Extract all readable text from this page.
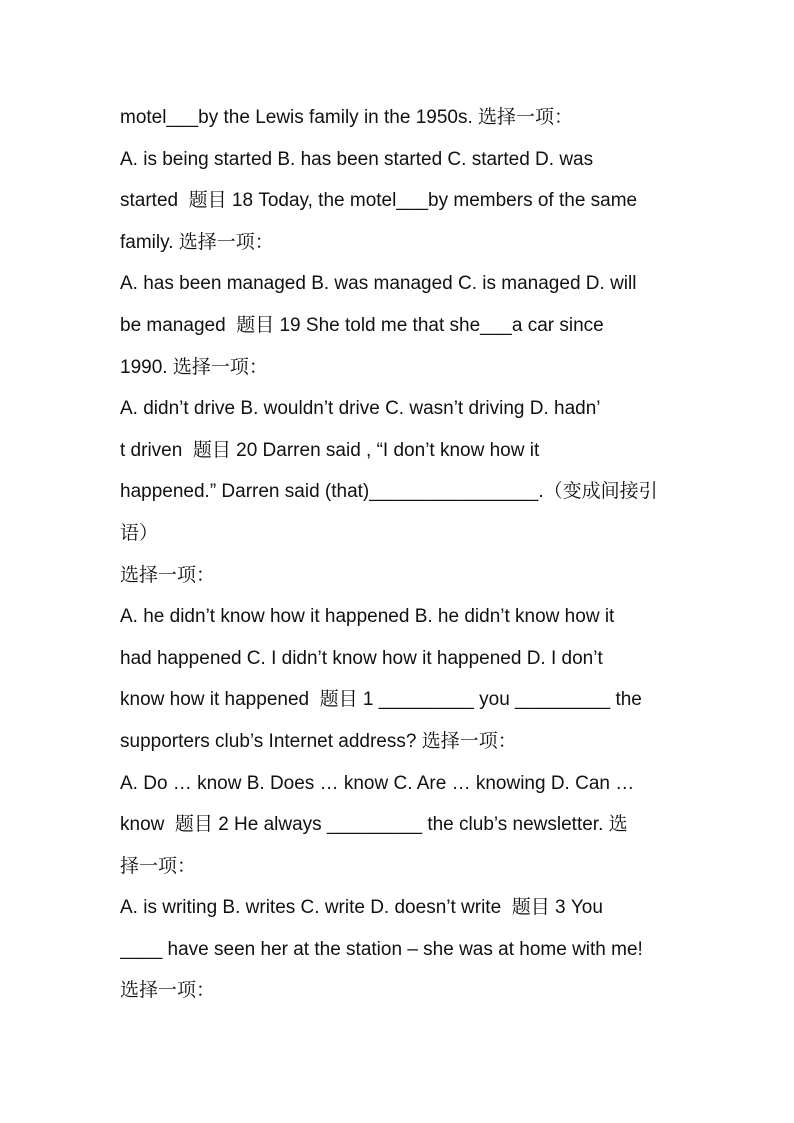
motel___by the Lewis family in the 1950s. 选择一项：
A. is being started B. has been started C. started D. was
started  题目 18 Today, the motel___by members of the same
family. 选择一项：
A. has been managed B. was managed C. is managed D. will
be managed  题目 19 She told me that she___a car since
1990. 选择一项：
A. didn’t drive B. wouldn’t drive C. wasn’t driving D. hadn’
t driven  题目 20 Darren said , “I don’t know how it
happened.” Darren said (that)________________.（变成间接引
语）
选择一项：
A. he didn’t know how it happened B. he didn’t know how it
had happened C. I didn’t know how it happened D. I don’t
know how it happened  题目 1 _________ you _________ the
supporters club’s Internet address? 选择一项：
A. Do … know B. Does … know C. Are … knowing D. Can …
know  题目 2 He always _________ the club’s newsletter. 选
择一项：
A. is writing B. writes C. write D. doesn’t write  题目 3 You
____ have seen her at the station – she was at home with me!
选择一项：
